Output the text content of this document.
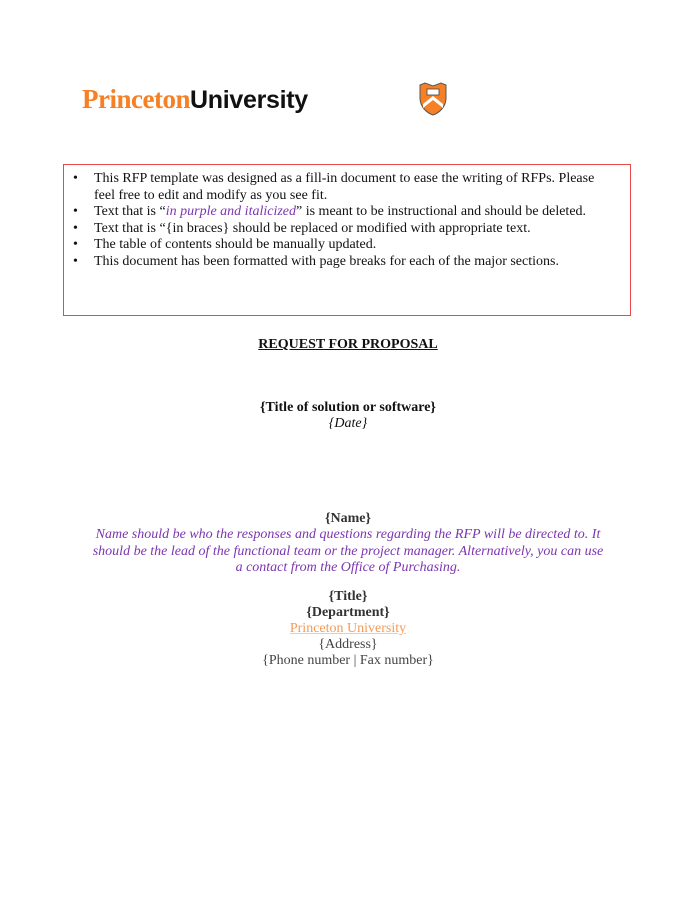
Princeton University
• This RFP template was designed as a fill-in document to ease the writing of RFPs. Please feel free to edit and modify as you see fit.
• Text that is “in purple and italicized” is meant to be instructional and should be deleted.
• Text that is “{in braces} should be replaced or modified with appropriate text.
• The table of contents should be manually updated.
• This document has been formatted with page breaks for each of the major sections.
REQUEST FOR PROPOSAL
{Title of solution or software}
{Date}
{Name}
Name should be who the responses and questions regarding the RFP will be directed to. It should be the lead of the functional team or the project manager. Alternatively, you can use a contact from the Office of Purchasing.
{Title}
{Department}
Princeton University
{Address}
{Phone number | Fax number}
